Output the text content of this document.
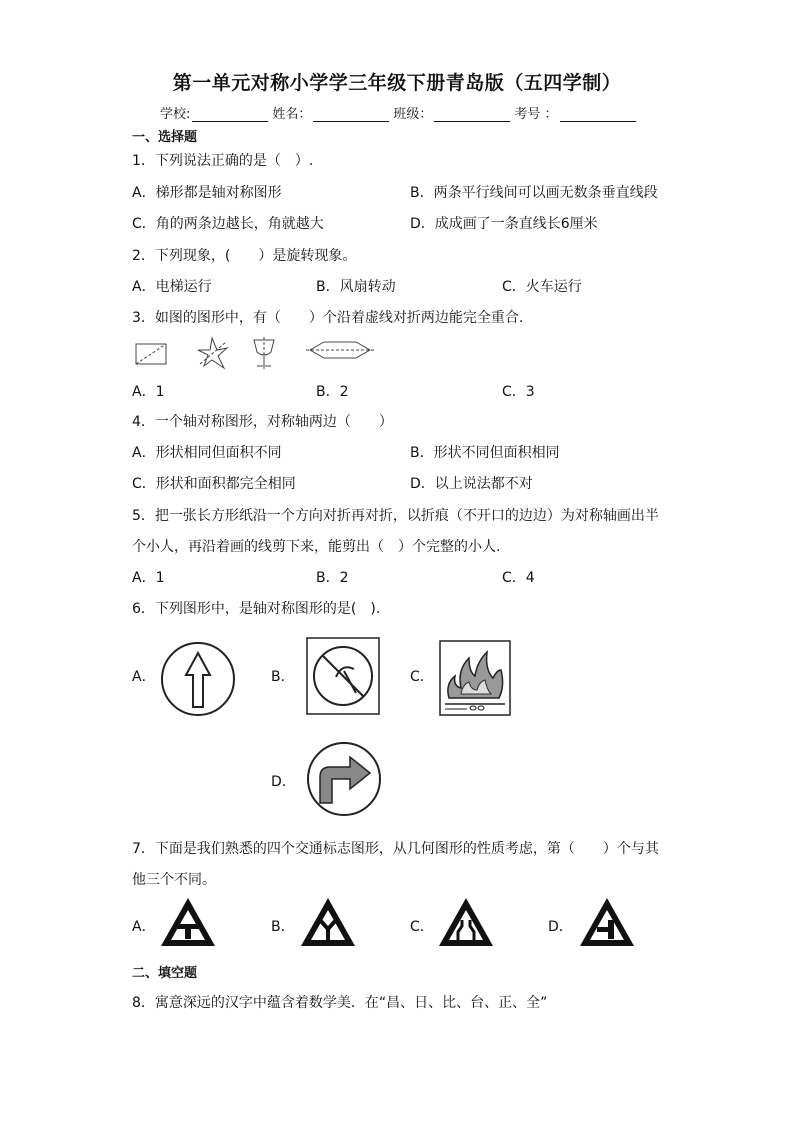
第一单元对称小学学三年级下册青岛版（五四学制）
学校:	姓名：	班级：	考号 ：
一、选择题
1．下列说法正确的是（　）.
A．梯形都是轴对称图形	B．两条平行线间可以画无数条垂直线段
C．角的两条边越长，角就越大	D．成成画了一条直线长6厘米
2．下列现象，(　　）是旋转现象。
A．电梯运行	B．风扇转动	C．火车运行
3．如图的图形中，有（　　）个沿着虚线对折两边能完全重合.
A．1	B．2	C．3
4．一个轴对称图形，对称轴两边（　　）
A．形状相同但面积不同	B．形状不同但面积相同
C．形状和面积都完全相同	D．以上说法都不对
5．把一张长方形纸沿一个方向对折再对折，以折痕（不开口的边边）为对称轴画出半
个小人，再沿着画的线剪下来，能剪出（　）个完整的小人.
A．1	B．2	C．4
6．下列图形中，是轴对称图形的是(　).
A．	B．	C．
D．
7．下面是我们熟悉的四个交通标志图形，从几何图形的性质考虑，第（　　）个与其
他三个不同。
A．	B．	C．	D．
二、填空题
8．寓意深远的汉字中蕴含着数学美．在“昌、日、比、台、正、全”
